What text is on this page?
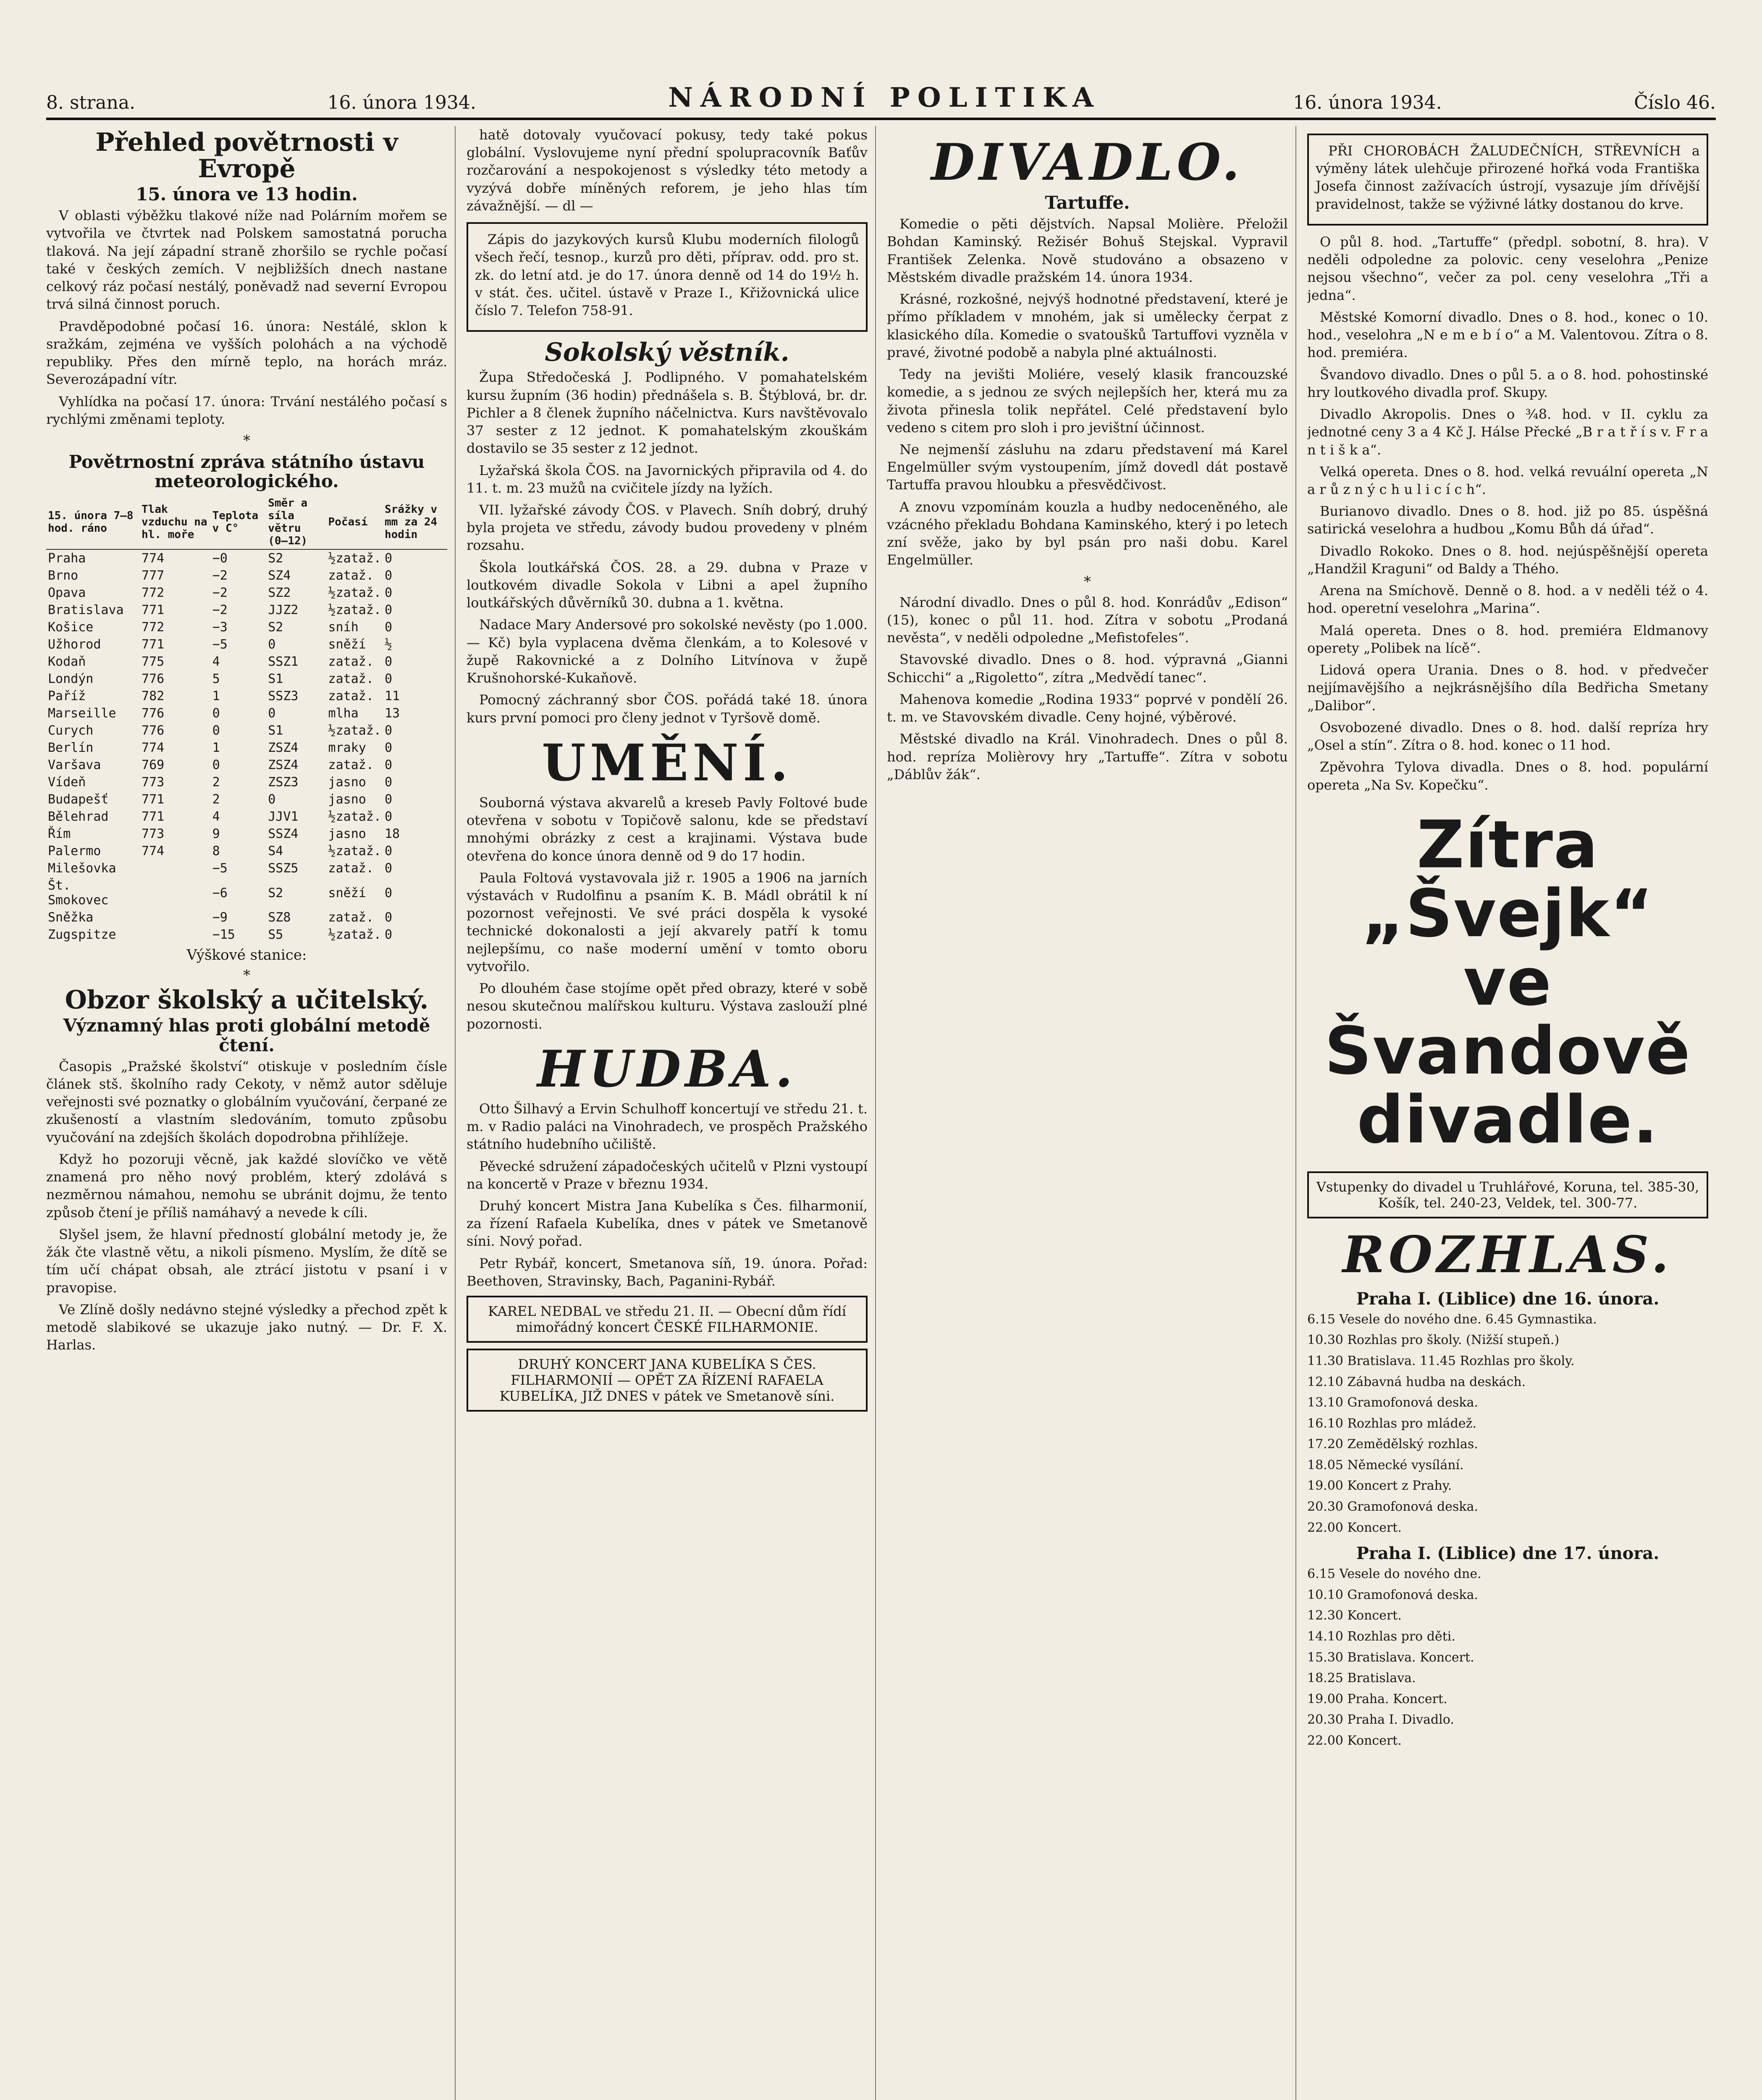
8. strana.	16. února 1934.	NÁRODNÍ POLITIKA	16. února 1934.	Číslo 46.
Přehled povětrnosti v Evropě
15. února ve 13 hodin.

V oblasti výběžku tlakové níže nad Polárním mořem se vytvořila ve čtvrtek nad Polskem samostatná porucha tlaková. Na její západní straně zhoršilo se rychle počasí také v českých zemích. V nejbližších dnech nastane celkový ráz počasí nestálý, poněvadž nad severní Evropou trvá silná činnost poruch.

Pravděpodobné počasí 16. února: Nestálé, sklon k sražkám, zejména ve vyšších polohách a na východě republiky. Přes den mírně teplo, na horách mráz. Severozápadní vítr.

Vyhlídka na počasí 17. února: Trvání nestálého počasí s rychlými změnami teploty.

*
Povětrnostní zpráva státního ústavu meteorologického.
15. února 7–8 hod. ráno	Tlak vzduchu na hl. moře	Teplota v C°	Směr a síla větru (0–12)	Počasí	Srážky v mm za 24 hodin
Praha	774	−0	S2	½zataž.	0
Brno	777	−2	SZ4	zataž.	0
Opava	772	−2	SZ2	½zataž.	0
Bratislava	771	−2	JJZ2	½zataž.	0
Košice	772	−3	S2	sníh	0
Užhorod	771	−5	0	sněží	½
Kodaň	775	4	SSZ1	zataž.	0
Londýn	776	5	S1	zataž.	0
Paříž	782	1	SSZ3	zataž.	11
Marseille	776	0	0	mlha	13
Curych	776	0	S1	½zataž.	0
Berlín	774	1	ZSZ4	mraky	0
Varšava	769	0	ZSZ4	zataž.	0
Vídeň	773	2	ZSZ3	jasno	0
Budapešť	771	2	0	jasno	0
Bělehrad	771	4	JJV1	½zataž.	0
Řím	773	9	SSZ4	jasno	18
Palermo	774	8	S4	½zataž.	0
Milešovka		−5	SSZ5	zataž.	0
Št. Smokovec		−6	S2	sněží	0
Sněžka		−9	SZ8	zataž.	0
Zugspitze		−15	S5	½zataž.	0
Výškové stanice:
*
Obzor školský a učitelský.
Významný hlas proti globální metodě čtení.

Časopis „Pražské školství“ otiskuje v posledním čísle článek stš. školního rady Cekoty, v němž autor sděluje veřejnosti své poznatky o globálním vyučování, čerpané ze zkušeností a vlastním sledováním, tomuto způsobu vyučování na zdejších školách dopodrobna přihlížeje.

Když ho pozoruji věcně, jak každé slovíčko ve větě znamená pro něho nový problém, který zdolává s nezměrnou námahou, nemohu se ubránit dojmu, že tento způsob čtení je příliš namáhavý a nevede k cíli.

Slyšel jsem, že hlavní předností globální metody je, že žák čte vlastně větu, a nikoli písmeno. Myslím, že dítě se tím učí chápat obsah, ale ztrácí jistotu v psaní i v pravopise.

Ve Zlíně došly nedávno stejné výsledky a přechod zpět k metodě slabikové se ukazuje jako nutný. — Dr. F. X. Harlas.

hatě dotovaly vyučovací pokusy, tedy také pokus globální. Vyslovujeme nyní přední spolupracovník Baťův rozčarování a nespokojenost s výsledky této metody a vyzývá dobře míněných reforem, je jeho hlas tím závažnější. — dl —

Zápis do jazykových kursů Klubu moderních filologů všech řečí, tesnop., kurzů pro děti, příprav. odd. pro st. zk. do letní atd. je do 17. února denně od 14 do 19½ h. v stát. čes. učitel. ústavě v Praze I., Křižovnická ulice číslo 7. Telefon 758-91.

Sokolský věstník.

Župa Středočeská J. Podlipného. V pomahatelském kursu župním (36 hodin) přednášela s. B. Štýblová, br. dr. Pichler a 8 členek župního náčelnictva. Kurs navštěvovalo 37 sester z 12 jednot. K pomahatelským zkouškám dostavilo se 35 sester z 12 jednot.

Lyžařská škola ČOS. na Javornických připravila od 4. do 11. t. m. 23 mužů na cvičitele jízdy na lyžích.

VII. lyžařské závody ČOS. v Plavech. Sníh dobrý, druhý byla projeta ve středu, závody budou provedeny v plném rozsahu.

Škola loutkářská ČOS. 28. a 29. dubna v Praze v loutkovém divadle Sokola v Libni a apel župního loutkářských důvěrníků 30. dubna a 1. května.

Nadace Mary Andersové pro sokolské nevěsty (po 1.000.— Kč) byla vyplacena dvěma členkám, a to Kolesové v župě Rakovnické a z Dolního Litvínova v župě Krušnohorské-Kukaňově.

Pomocný záchranný sbor ČOS. pořádá také 18. února kurs první pomoci pro členy jednot v Tyršově domě.

UMĚNÍ.

Souborná výstava akvarelů a kreseb Pavly Foltové bude otevřena v sobotu v Topičově salonu, kde se představí mnohými obrázky z cest a krajinami. Výstava bude otevřena do konce února denně od 9 do 17 hodin.

Paula Foltová vystavovala již r. 1905 a 1906 na jarních výstavách v Rudolfinu a psaním K. B. Mádl obrátil k ní pozornost veřejnosti. Ve své práci dospěla k vysoké technické dokonalosti a její akvarely patří k tomu nejlepšímu, co naše moderní umění v tomto oboru vytvořilo.

Po dlouhém čase stojíme opět před obrazy, které v sobě nesou skutečnou malířskou kulturu. Výstava zaslouží plné pozornosti.

HUDBA.

Otto Šilhavý a Ervin Schulhoff koncertují ve středu 21. t. m. v Radio paláci na Vinohradech, ve prospěch Pražského státního hudebního učiliště.

Pěvecké sdružení západočeských učitelů v Plzni vystoupí na koncertě v Praze v březnu 1934.

Druhý koncert Mistra Jana Kubelíka s Čes. filharmonií, za řízení Rafaela Kubelíka, dnes v pátek ve Smetanově síni. Nový pořad.

Petr Rybář, koncert, Smetanova síň, 19. února. Pořad: Beethoven, Stravinsky, Bach, Paganini-Rybář.

KAREL NEDBAL ve středu 21. II. — Obecní dům řídí mimořádný koncert ČESKÉ FILHARMONIE.
DRUHÝ KONCERT JANA KUBELÍKA S ČES. FILHARMONIÍ — OPĚT ZA ŘÍZENÍ RAFAELA KUBELÍKA, JIŽ DNES v pátek ve Smetanově síni.
DIVADLO.
Tartuffe.

Komedie o pěti dějstvích. Napsal Molière. Přeložil Bohdan Kaminský. Režisér Bohuš Stejskal. Vypravil František Zelenka. Nově studováno a obsazeno v Městském divadle pražském 14. února 1934.

Krásné, rozkošné, nejvýš hodnotné představení, které je přímo příkladem v mnohém, jak si umělecky čerpat z klasického díla. Komedie o svatoušků Tartuffovi vyzněla v pravé, životné podobě a nabyla plné aktuálnosti.

Tedy na jevišti Moliére, veselý klasik francouzské komedie, a s jednou ze svých nejlepších her, která mu za života přinesla tolik nepřátel. Celé představení bylo vedeno s citem pro sloh i pro jevištní účinnost.

Ne nejmenší zásluhu na zdaru představení má Karel Engelmüller svým vystoupením, jímž dovedl dát postavě Tartuffa pravou hloubku a přesvědčivost.

A znovu vzpomínám kouzla a hudby nedoceněného, ale vzácného překladu Bohdana Kaminského, který i po letech zní svěže, jako by byl psán pro naši dobu. Karel Engelmüller.

*

Národní divadlo. Dnes o půl 8. hod. Konrádův „Edison“ (15), konec o půl 11. hod. Zítra v sobotu „Prodaná nevěsta“, v neděli odpoledne „Mefistofeles“.

Stavovské divadlo. Dnes o 8. hod. výpravná „Gianni Schicchi“ a „Rigoletto“, zítra „Medvědí tanec“.

Mahenova komedie „Rodina 1933“ poprvé v pondělí 26. t. m. ve Stavovském divadle. Ceny hojné, výběrové.

Městské divadlo na Král. Vinohradech. Dnes o půl 8. hod. repríza Molièrovy hry „Tartuffe“. Zítra v sobotu „Dáblův žák“.

PŘI CHOROBÁCH ŽALUDEČNÍCH, STŘEVNÍCH a výměny látek ulehčuje přirozené hořká voda Františka Josefa činnost zažívacích ústrojí, vysazuje jím dřívější pravidelnost, takže se výživné látky dostanou do krve.

O půl 8. hod. „Tartuffe“ (předpl. sobotní, 8. hra). V neděli odpoledne za polovic. ceny veselohra „Penize nejsou všechno“, večer za pol. ceny veselohra „Tři a jedna“.

Městské Komorní divadlo. Dnes o 8. hod., konec o 10. hod., veselohra „N e m e b í o“ a M. Valentovou. Zítra o 8. hod. premiéra.

Švandovo divadlo. Dnes o půl 5. a o 8. hod. pohostinské hry loutkového divadla prof. Skupy.

Divadlo Akropolis. Dnes o ¾8. hod. v II. cyklu za jednotné ceny 3 a 4 Kč J. Hálse Přecké „B r a t ř í s v. F r a n t i š k a“.

Velká opereta. Dnes o 8. hod. velká revuální opereta „N a r ů z n ý c h u l i c í c h“.

Burianovo divadlo. Dnes o 8. hod. již po 85. úspěšná satirická veselohra a hudbou „Komu Bůh dá úřad“.

Divadlo Rokoko. Dnes o 8. hod. nejúspěšnější opereta „Handžil Kraguni“ od Baldy a Thého.

Arena na Smíchově. Denně o 8. hod. a v neděli též o 4. hod. operetní veselohra „Marina“.

Malá opereta. Dnes o 8. hod. premiéra Eldmanovy operety „Polibek na lícě“.

Lidová opera Urania. Dnes o 8. hod. v předvečer nejjímavějšího a nejkrásnějšího díla Bedřicha Smetany „Dalibor“.

Osvobozené divadlo. Dnes o 8. hod. další repríza hry „Osel a stín“. Zítra o 8. hod. konec o 11 hod.

Zpěvohra Tylova divadla. Dnes o 8. hod. populární opereta „Na Sv. Kopečku“.

Zítra „Švejk“
ve Švandově
divadle.
Vstupenky do divadel u Truhlářové, Koruna, tel. 385-30, Košík, tel. 240-23, Veldek, tel. 300-77.
ROZHLAS.
Praha I. (Liblice) dne 16. února.

6.15 Vesele do nového dne. 6.45 Gymnastika.

10.30 Rozhlas pro školy. (Nižší stupeň.)

11.30 Bratislava. 11.45 Rozhlas pro školy.

12.10 Zábavná hudba na deskách.

13.10 Gramofonová deska.

16.10 Rozhlas pro mládež.

17.20 Zemědělský rozhlas.

18.05 Německé vysílání.

19.00 Koncert z Prahy.

20.30 Gramofonová deska.

22.00 Koncert.

Praha I. (Liblice) dne 17. února.

6.15 Vesele do nového dne.

10.10 Gramofonová deska.

12.30 Koncert.

14.10 Rozhlas pro děti.

15.30 Bratislava. Koncert.

18.25 Bratislava.

19.00 Praha. Koncert.

20.30 Praha I. Divadlo.

22.00 Koncert.
